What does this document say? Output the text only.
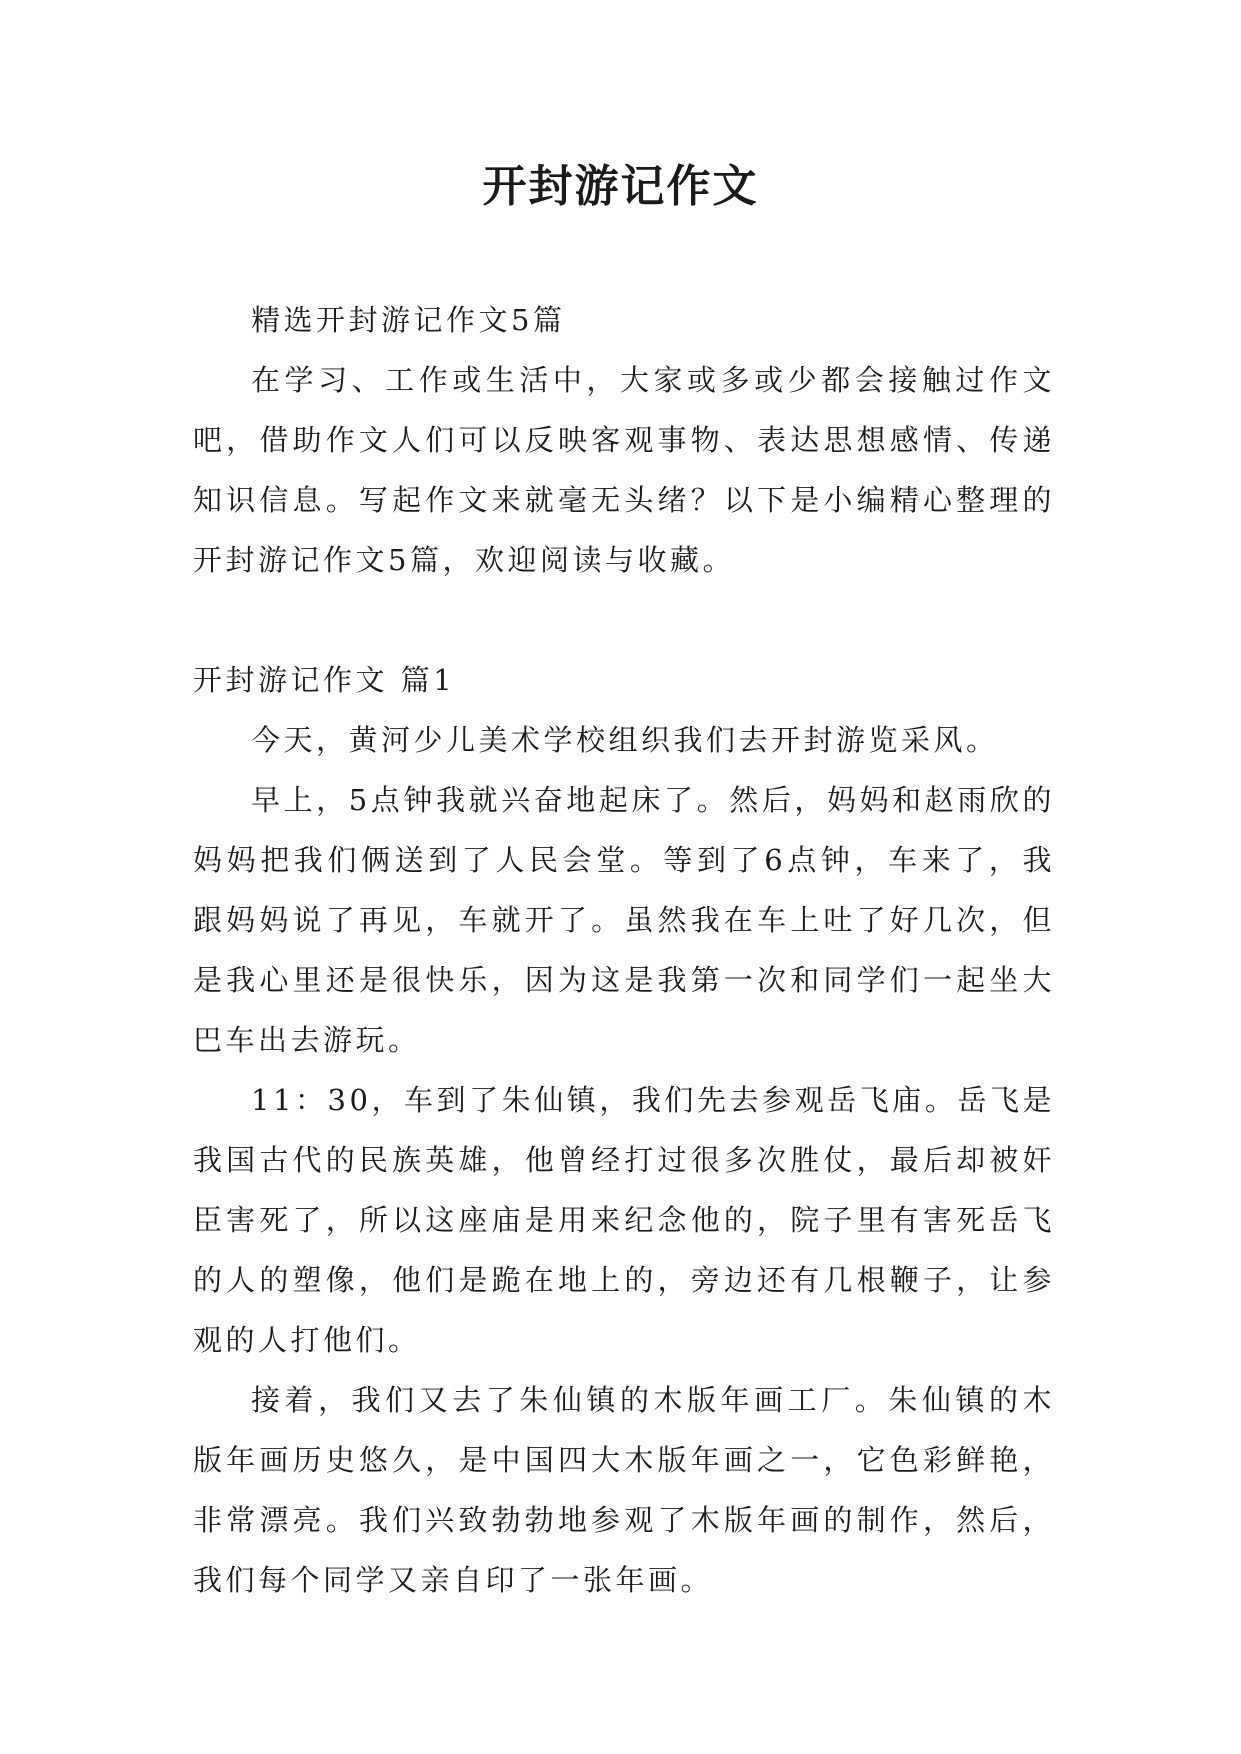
开封游记作文

精选开封游记作文5篇

在学习、工作或生活中，大家或多或少都会接触过作文吧，借助作文人们可以反映客观事物、表达思想感情、传递知识信息。写起作文来就毫无头绪？以下是小编精心整理的开封游记作文5篇，欢迎阅读与收藏。

开封游记作文 篇1

今天，黄河少儿美术学校组织我们去开封游览采风。

早上，5点钟我就兴奋地起床了。然后，妈妈和赵雨欣的妈妈把我们俩送到了人民会堂。等到了6点钟，车来了，我跟妈妈说了再见，车就开了。虽然我在车上吐了好几次，但是我心里还是很快乐，因为这是我第一次和同学们一起坐大巴车出去游玩。

11：30，车到了朱仙镇，我们先去参观岳飞庙。岳飞是我国古代的民族英雄，他曾经打过很多次胜仗，最后却被奸臣害死了，所以这座庙是用来纪念他的，院子里有害死岳飞的人的塑像，他们是跪在地上的，旁边还有几根鞭子，让参观的人打他们。

接着，我们又去了朱仙镇的木版年画工厂。朱仙镇的木版年画历史悠久，是中国四大木版年画之一，它色彩鲜艳，非常漂亮。我们兴致勃勃地参观了木版年画的制作，然后，我们每个同学又亲自印了一张年画。
